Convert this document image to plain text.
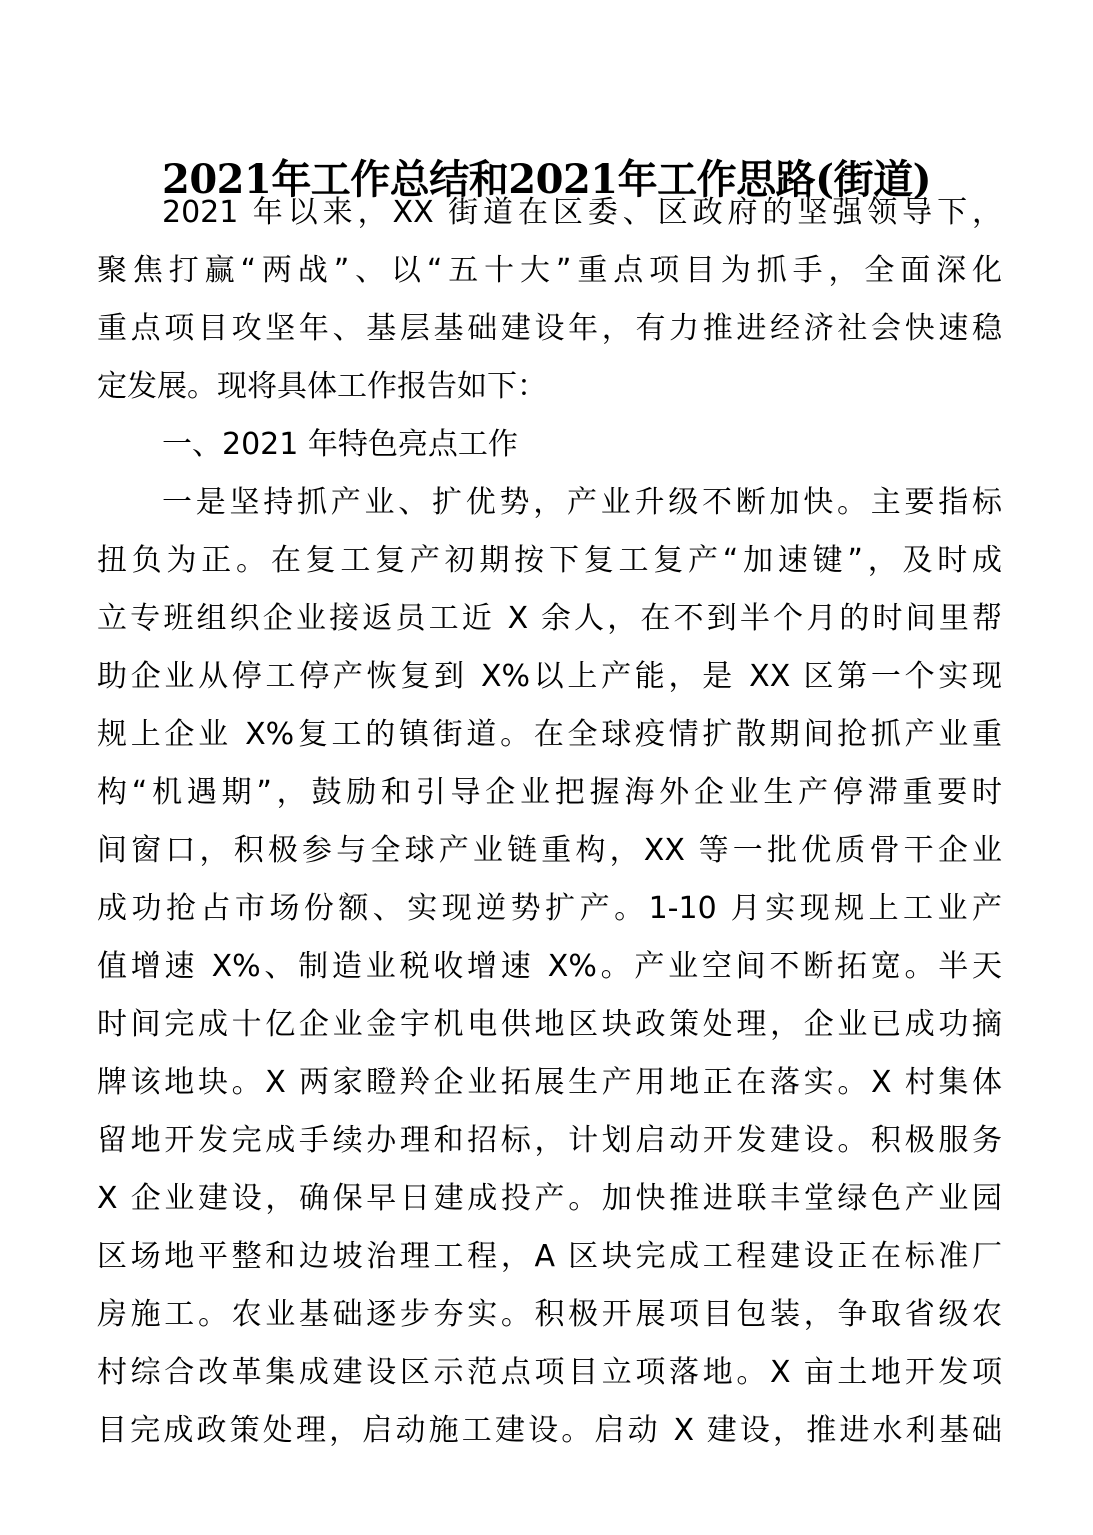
2021年工作总结和2021年工作思路(街道)
2021 年以来，XX 街道在区委、区政府的坚强领导下，
聚焦打赢“两战”、以“五十大”重点项目为抓手，全面深化
重点项目攻坚年、基层基础建设年，有力推进经济社会快速稳
定发展。现将具体工作报告如下：
一、2021 年特色亮点工作
一是坚持抓产业、扩优势，产业升级不断加快。主要指标
扭负为正。在复工复产初期按下复工复产“加速键”，及时成
立专班组织企业接返员工近 X 余人，在不到半个月的时间里帮
助企业从停工停产恢复到 X%以上产能，是 XX 区第一个实现
规上企业 X%复工的镇街道。在全球疫情扩散期间抢抓产业重
构“机遇期”，鼓励和引导企业把握海外企业生产停滞重要时
间窗口，积极参与全球产业链重构，XX 等一批优质骨干企业
成功抢占市场份额、实现逆势扩产。1-10 月实现规上工业产
值增速 X%、制造业税收增速 X%。产业空间不断拓宽。半天
时间完成十亿企业金宇机电供地区块政策处理，企业已成功摘
牌该地块。X 两家瞪羚企业拓展生产用地正在落实。X 村集体
留地开发完成手续办理和招标，计划启动开发建设。积极服务
X 企业建设，确保早日建成投产。加快推进联丰堂绿色产业园
区场地平整和边坡治理工程，A 区块完成工程建设正在标准厂
房施工。农业基础逐步夯实。积极开展项目包装，争取省级农
村综合改革集成建设区示范点项目立项落地。X 亩土地开发项
目完成政策处理，启动施工建设。启动 X 建设，推进水利基础
